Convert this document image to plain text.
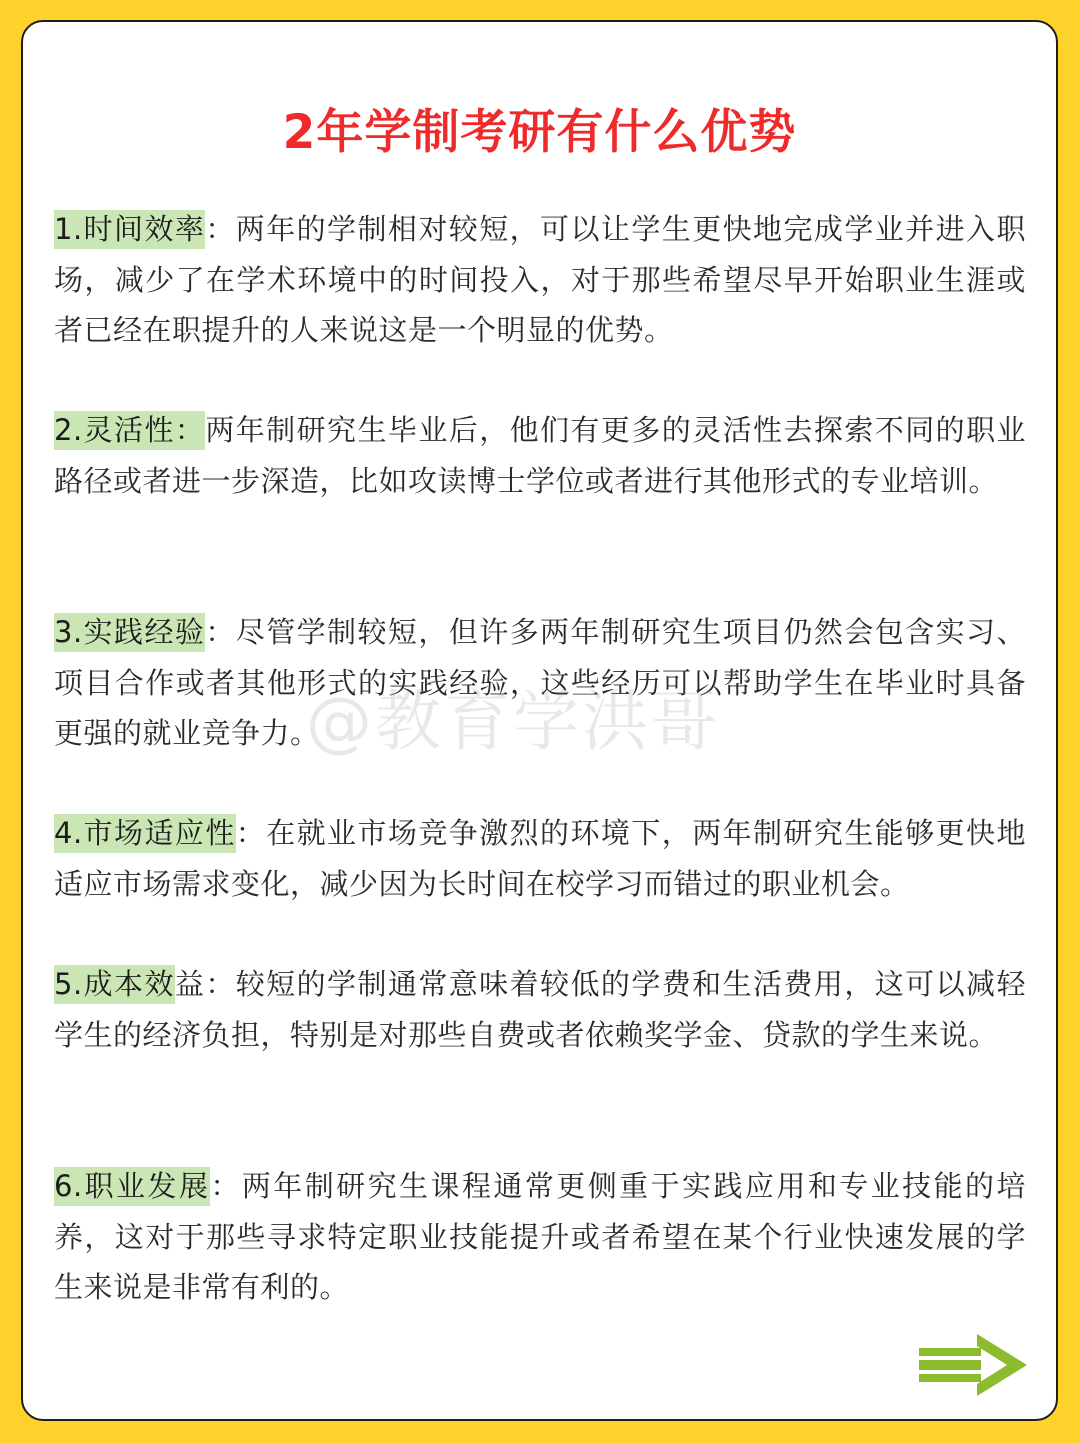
2年学制考研有什么优势

1.时间效率：两年的学制相对较短，可以让学生更快地完成学业并进入职场，减少了在学术环境中的时间投入，对于那些希望尽早开始职业生涯或者已经在职提升的人来说这是一个明显的优势。

2.灵活性：两年制研究生毕业后，他们有更多的灵活性去探索不同的职业路径或者进一步深造，比如攻读博士学位或者进行其他形式的专业培训。

3.实践经验：尽管学制较短，但许多两年制研究生项目仍然会包含实习、项目合作或者其他形式的实践经验，这些经历可以帮助学生在毕业时具备更强的就业竞争力。

4.市场适应性：在就业市场竞争激烈的环境下，两年制研究生能够更快地适应市场需求变化，减少因为长时间在校学习而错过的职业机会。

5.成本效益：较短的学制通常意味着较低的学费和生活费用，这可以减轻学生的经济负担，特别是对那些自费或者依赖奖学金、贷款的学生来说。

6.职业发展：两年制研究生课程通常更侧重于实践应用和专业技能的培养，这对于那些寻求特定职业技能提升或者希望在某个行业快速发展的学生来说是非常有利的。

@教育学洪哥
